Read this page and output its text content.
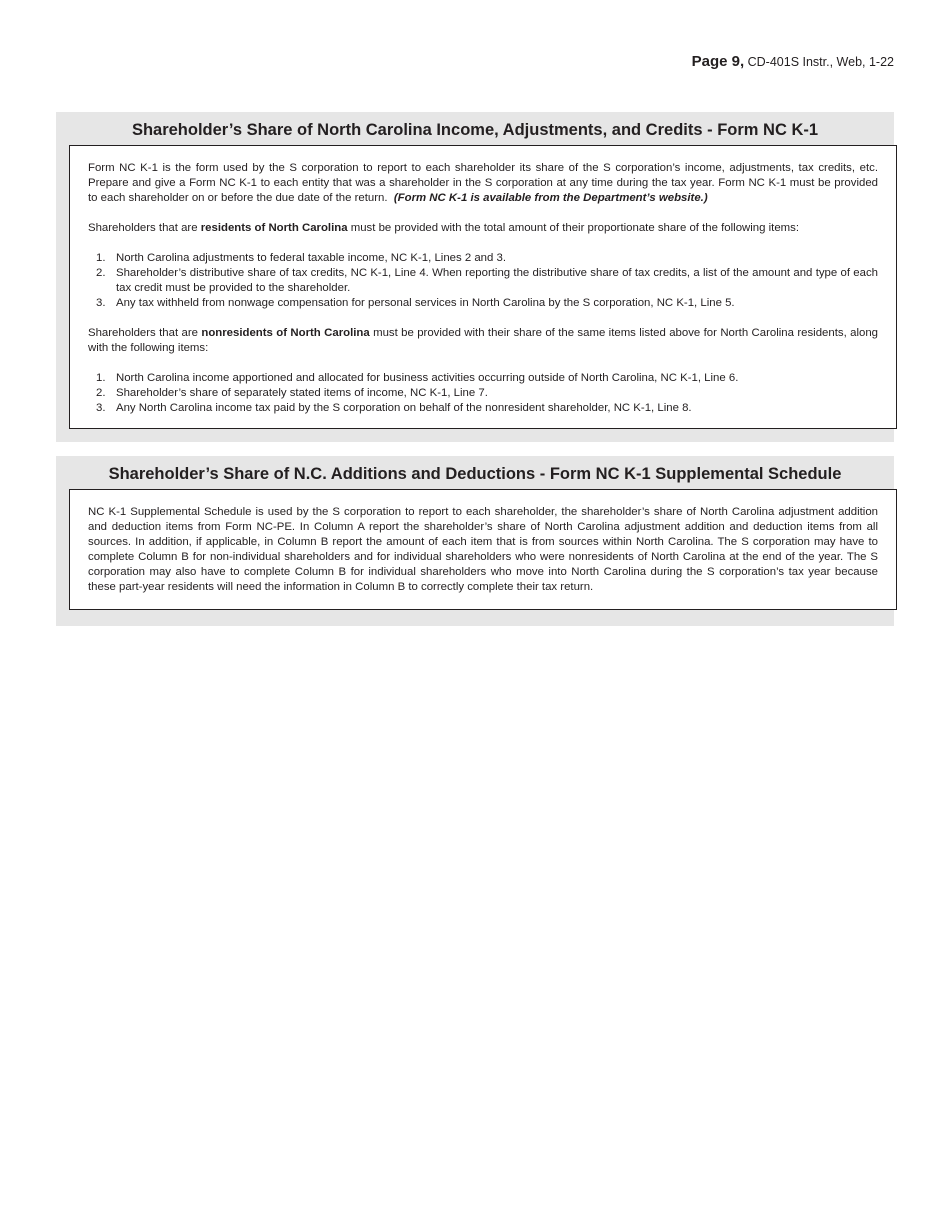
Page 9, CD-401S Instr., Web, 1-22
Shareholder’s Share of North Carolina Income, Adjustments, and Credits - Form NC K-1

Form NC K-1 is the form used by the S corporation to report to each shareholder its share of the S corporation’s income, adjustments, tax credits, etc. Prepare and give a Form NC K-1 to each entity that was a shareholder in the S corporation at any time during the tax year. Form NC K-1 must be provided to each shareholder on or before the due date of the return. (Form NC K-1 is available from the Department’s website.)

Shareholders that are residents of North Carolina must be provided with the total amount of their proportionate share of the following items:

1. North Carolina adjustments to federal taxable income, NC K-1, Lines 2 and 3.
2. Shareholder’s distributive share of tax credits, NC K-1, Line 4. When reporting the distributive share of tax credits, a list of the amount and type of each tax credit must be provided to the shareholder.
3. Any tax withheld from nonwage compensation for personal services in North Carolina by the S corporation, NC K-1, Line 5.

Shareholders that are nonresidents of North Carolina must be provided with their share of the same items listed above for North Carolina residents, along with the following items:

1. North Carolina income apportioned and allocated for business activities occurring outside of North Carolina, NC K-1, Line 6.
2. Shareholder’s share of separately stated items of income, NC K-1, Line 7.
3. Any North Carolina income tax paid by the S corporation on behalf of the nonresident shareholder, NC K-1, Line 8.
Shareholder’s Share of N.C. Additions and Deductions - Form NC K-1 Supplemental Schedule

NC K-1 Supplemental Schedule is used by the S corporation to report to each shareholder, the shareholder’s share of North Carolina adjustment addition and deduction items from Form NC-PE. In Column A report the shareholder’s share of North Carolina adjustment addition and deduction items from all sources. In addition, if applicable, in Column B report the amount of each item that is from sources within North Carolina. The S corporation may have to complete Column B for non-individual shareholders and for individual shareholders who were nonresidents of North Carolina at the end of the year. The S corporation may also have to complete Column B for individual shareholders who move into North Carolina during the S corporation’s tax year because these part-year residents will need the information in Column B to correctly complete their tax return.
